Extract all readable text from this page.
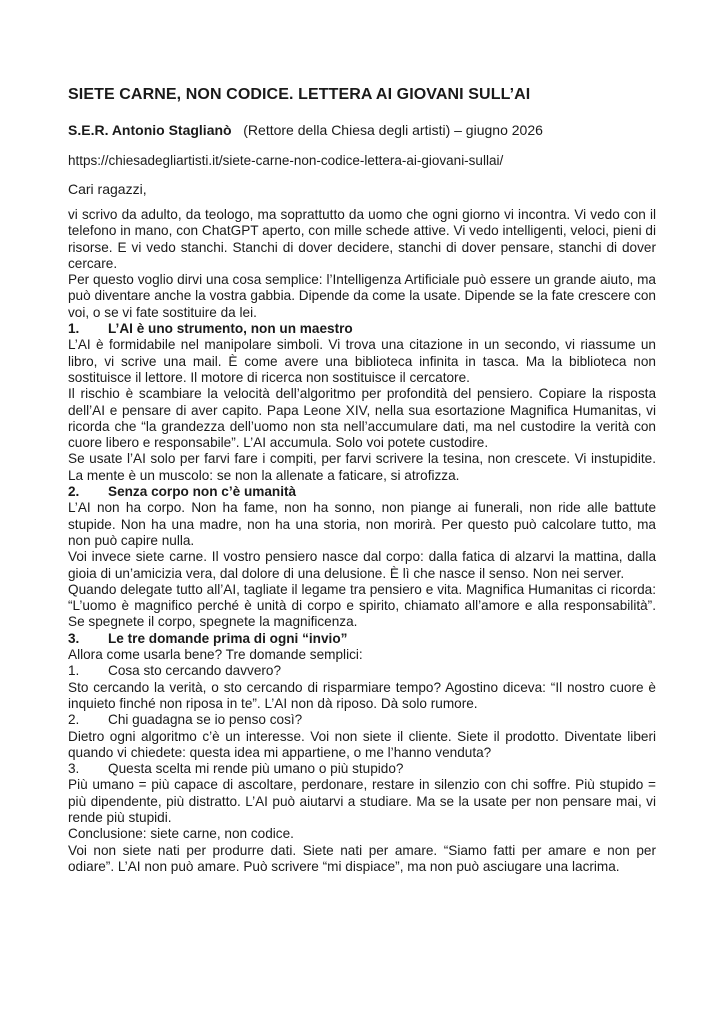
SIETE CARNE, NON CODICE. LETTERA AI GIOVANI SULL’AI
S.E.R. Antonio Staglianò (Rettore della Chiesa degli artisti) – giugno 2026
https://chiesadegliartisti.it/siete-carne-non-codice-lettera-ai-giovani-sullai/
Cari ragazzi,

vi scrivo da adulto, da teologo, ma soprattutto da uomo che ogni giorno vi incontra. Vi vedo con il telefono in mano, con ChatGPT aperto, con mille schede attive. Vi vedo intelligenti, veloci, pieni di risorse. E vi vedo stanchi. Stanchi di dover decidere, stanchi di dover pensare, stanchi di dover cercare.

Per questo voglio dirvi una cosa semplice: l’Intelligenza Artificiale può essere un grande aiuto, ma può diventare anche la vostra gabbia. Dipende da come la usate. Dipende se la fate crescere con voi, o se vi fate sostituire da lei.

1. L’AI è uno strumento, non un maestro

L’AI è formidabile nel manipolare simboli. Vi trova una citazione in un secondo, vi riassume un libro, vi scrive una mail. È come avere una biblioteca infinita in tasca. Ma la biblioteca non sostituisce il lettore. Il motore di ricerca non sostituisce il cercatore.

Il rischio è scambiare la velocità dell’algoritmo per profondità del pensiero. Copiare la risposta dell’AI e pensare di aver capito. Papa Leone XIV, nella sua esortazione Magnifica Humanitas, vi ricorda che “la grandezza dell’uomo non sta nell’accumulare dati, ma nel custodire la verità con cuore libero e responsabile”. L’AI accumula. Solo voi potete custodire.

Se usate l’AI solo per farvi fare i compiti, per farvi scrivere la tesina, non crescete. Vi instupidite. La mente è un muscolo: se non la allenate a faticare, si atrofizza.

2. Senza corpo non c’è umanità

L’AI non ha corpo. Non ha fame, non ha sonno, non piange ai funerali, non ride alle battute stupide. Non ha una madre, non ha una storia, non morirà. Per questo può calcolare tutto, ma non può capire nulla.

Voi invece siete carne. Il vostro pensiero nasce dal corpo: dalla fatica di alzarvi la mattina, dalla gioia di un’amicizia vera, dal dolore di una delusione. È lì che nasce il senso. Non nei server.

Quando delegate tutto all’AI, tagliate il legame tra pensiero e vita. Magnifica Humanitas ci ricorda: “L’uomo è magnifico perché è unità di corpo e spirito, chiamato all’amore e alla responsabilità”. Se spegnete il corpo, spegnete la magnificenza.

3. Le tre domande prima di ogni “invio”

Allora come usarla bene? Tre domande semplici:

1. Cosa sto cercando davvero?

Sto cercando la verità, o sto cercando di risparmiare tempo? Agostino diceva: “Il nostro cuore è inquieto finché non riposa in te”. L’AI non dà riposo. Dà solo rumore.

2. Chi guadagna se io penso così?

Dietro ogni algoritmo c’è un interesse. Voi non siete il cliente. Siete il prodotto. Diventate liberi quando vi chiedete: questa idea mi appartiene, o me l’hanno venduta?

3. Questa scelta mi rende più umano o più stupido?

Più umano = più capace di ascoltare, perdonare, restare in silenzio con chi soffre. Più stupido = più dipendente, più distratto. L’AI può aiutarvi a studiare. Ma se la usate per non pensare mai, vi rende più stupidi.

Conclusione: siete carne, non codice.

Voi non siete nati per produrre dati. Siete nati per amare. “Siamo fatti per amare e non per odiare”. L’AI non può amare. Può scrivere “mi dispiace”, ma non può asciugare una lacrima.
